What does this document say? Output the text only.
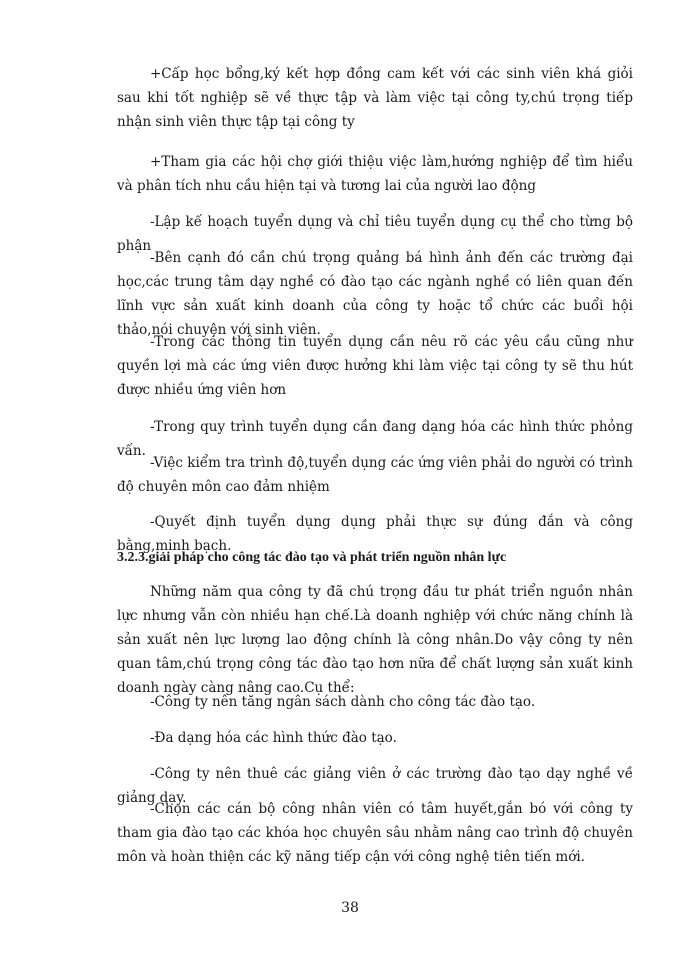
+Cấp học bổng,ký kết hợp đồng cam kết với các sinh viên khá giỏi sau khi tốt nghiệp sẽ về thực tập và làm việc tại công ty,chú trọng tiếp nhận sinh viên thực tập tại công ty

+Tham gia các hội chợ giới thiệu việc làm,hướng nghiệp để tìm hiểu và phân tích nhu cầu hiện tại và tương lai của người lao động

-Lập kế hoạch tuyển dụng và chỉ tiêu tuyển dụng cụ thể cho từng bộ phận

-Bên cạnh đó cần chú trọng quảng bá hình ảnh đến các trường đại học,các trung tâm dạy nghề có đào tạo các ngành nghề có liên quan đến lĩnh vực sản xuất kinh doanh của công ty hoặc tổ chức các buổi hội thảo,nói chuyện với sinh viên.

-Trong các thông tin tuyển dụng cần nêu rõ các yêu cầu cũng như quyền lợi mà các ứng viên được hưởng khi làm việc tại công ty sẽ thu hút được nhiều ứng viên hơn

-Trong quy trình tuyển dụng cần đang dạng hóa các hình thức phỏng vấn.

-Việc kiểm tra trình độ,tuyển dụng các ứng viên phải do người có trình độ chuyên môn cao đảm nhiệm

-Quyết định tuyển dụng dụng phải thực sự đúng đắn và công bằng,minh bạch.

3.2.3.giải pháp cho công tác đào tạo và phát triển nguồn nhân lực

Những năm qua công ty đã chú trọng đầu tư phát triển nguồn nhân lực nhưng vẫn còn nhiều hạn chế.Là doanh nghiệp với chức năng chính là sản xuất nên lực lượng lao động chính là công nhân.Do vậy công ty nên quan tâm,chú trọng công tác đào tạo hơn nữa để chất lượng sản xuất kinh doanh ngày càng nâng cao.Cụ thể:

-Công ty nên tăng ngân sách dành cho công tác đào tạo.

-Đa dạng hóa các hình thức đào tạo.

-Công ty nên thuê các giảng viên ở các trường đào tạo dạy nghề về giảng dạy.

-Chọn các cán bộ công nhân viên có tâm huyết,gắn bó với công ty tham gia đào tạo các khóa học chuyên sâu nhằm nâng cao trình độ chuyên môn và hoàn thiện các kỹ năng tiếp cận với công nghệ tiên tiến mới.

38
